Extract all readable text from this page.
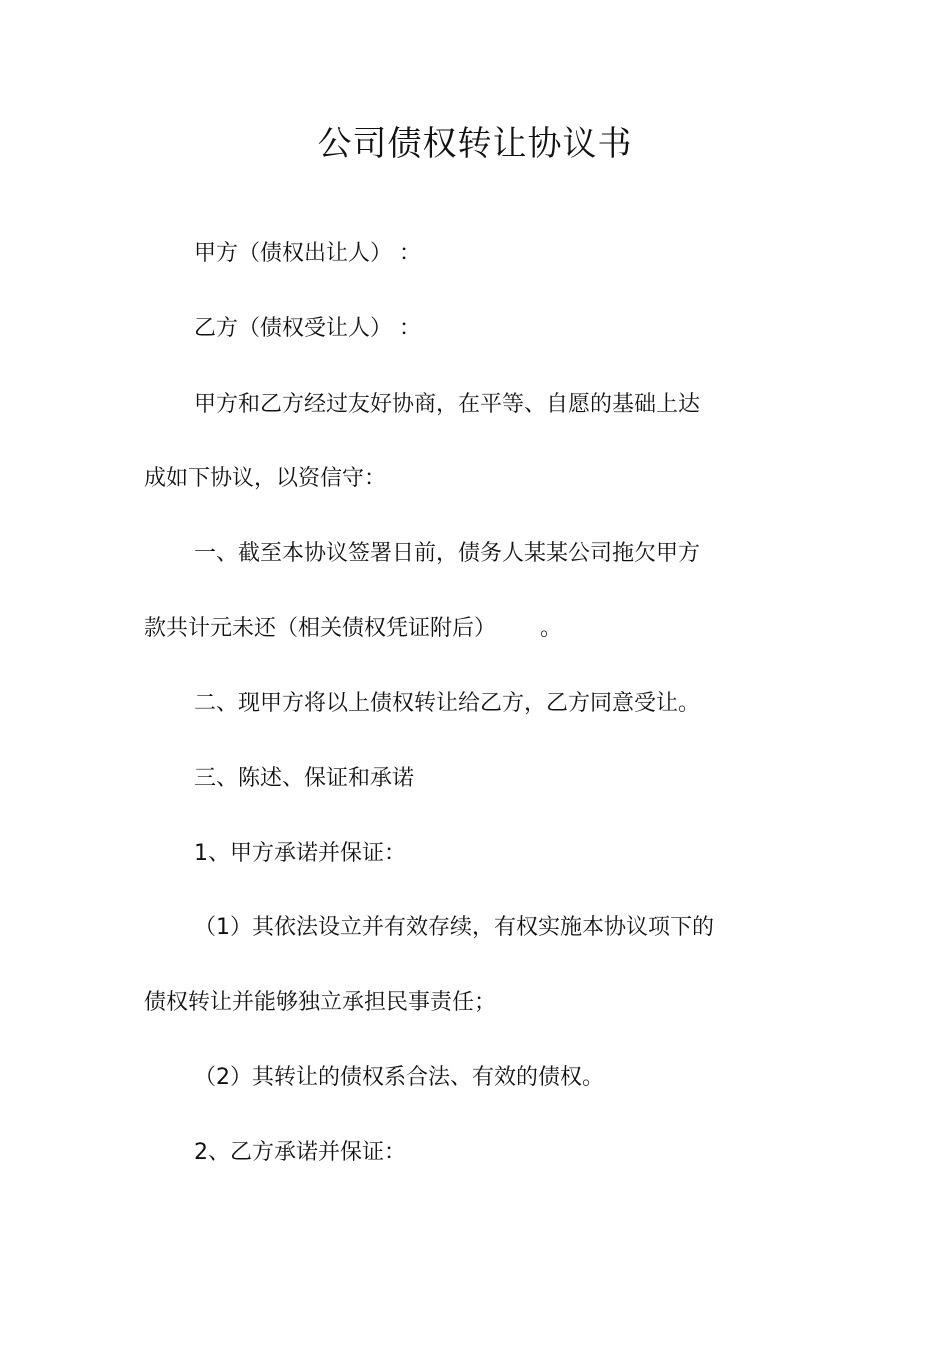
公司债权转让协议书
甲方（债权出让人） ：
乙方（债权受让人） ：
甲方和乙方经过友好协商，在平等、自愿的基础上达
成如下协议，以资信守：
一、截至本协议签署日前，债务人某某公司拖欠甲方
款共计元未还（相关债权凭证附后） 。
二、现甲方将以上债权转让给乙方，乙方同意受让。
三、陈述、保证和承诺
1、甲方承诺并保证：
（1）其依法设立并有效存续，有权实施本协议项下的
债权转让并能够独立承担民事责任；
（2）其转让的债权系合法、有效的债权。
2、乙方承诺并保证：
